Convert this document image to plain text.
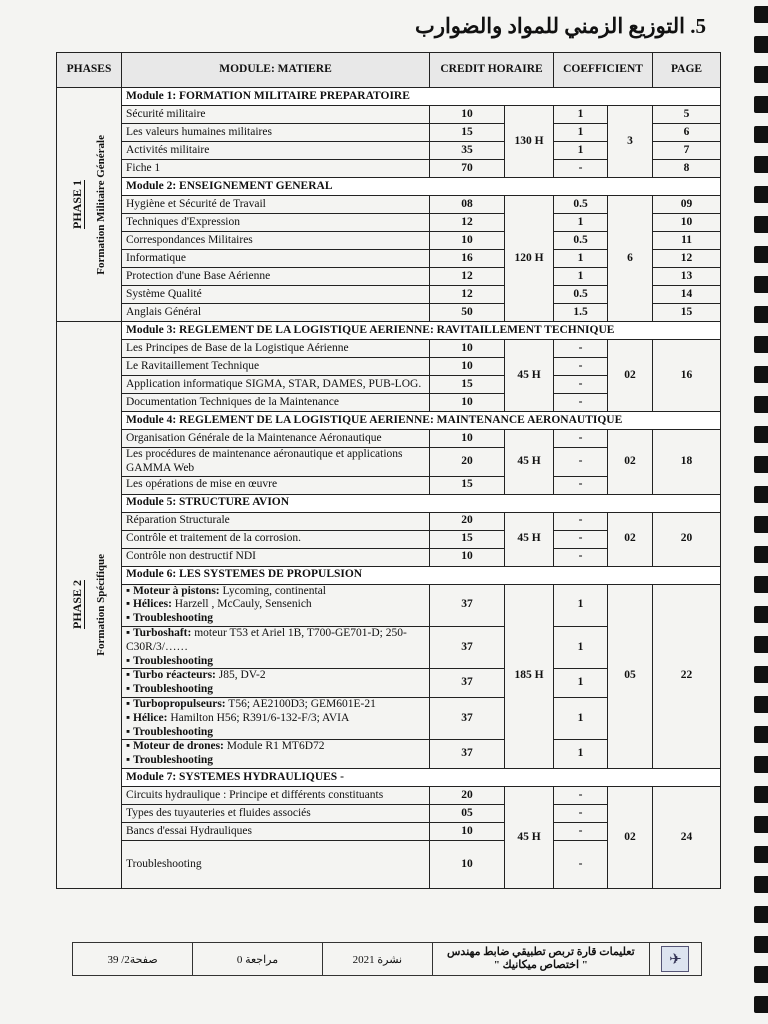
5. التوزيع الزمني للمواد والضوارب
PHASES	MODULE: MATIERE	CREDIT HORAIRE		COEFFICIENT		PAGE

PHASE 1 Formation Militaire Générale	Module 1: FORMATION MILITAIRE PREPARATOIRE					
	Sécurité militaire	10	130 H	1	3	5
	Les valeurs humaines militaires	15		1		6
	Activités militaire	35		1		7
	Fiche 1	70		-		8
	Module 2: ENSEIGNEMENT GENERAL					
	Hygiène et Sécurité de Travail	08	120 H	0.5	6	09
	Techniques d'Expression	12		1		10
	Correspondances Militaires	10		0.5		11
	Informatique	16		1		12
	Protection d'une Base Aérienne	12		1		13
	Système Qualité	12		0.5		14
	Anglais Général	50		1.5		15

PHASE 2 Formation Spécifique	Module 3: REGLEMENT DE LA LOGISTIQUE AERIENNE: RAVITAILLEMENT TECHNIQUE					
	Les Principes de Base de la Logistique Aérienne	10	45 H	-	02	16
	Le Ravitaillement Technique	10		-		
	Application informatique SIGMA, STAR, DAMES, PUB-LOG.	15		-		
	Documentation Techniques de la Maintenance	10		-		
	Module 4: REGLEMENT DE LA LOGISTIQUE AERIENNE: MAINTENANCE AERONAUTIQUE					
	Organisation Générale de la Maintenance Aéronautique	10	45 H	-	02	18
	Les procédures de maintenance aéronautique et applications GAMMA Web	20		-		
	Les opérations de mise en œuvre	15		-		
	Module 5: STRUCTURE AVION					
	Réparation Structurale	20	45 H	-	02	20
	Contrôle et traitement de la corrosion.	15		-		
	Contrôle non destructif NDI	10		-		
	Module 6: LES SYSTEMES DE PROPULSION					

	▪ Moteur à pistons: Lycoming, continental
▪ Hélices: Harzell , McCauly, Sensenich
▪ Troubleshooting	37	185 H	1	05	22

	▪ Turboshaft: moteur T53 et Ariel 1B, T700-GE701-D; 250-C30R/3/……
▪ Troubleshooting	37		1		

	▪ Turbo réacteurs: J85, DV-2
▪ Troubleshooting	37		1		

	▪ Turbopropulseurs: T56; AE2100D3; GEM601E-21
▪ Hélice: Hamilton H56; R391/6-132-F/3; AVIA
▪ Troubleshooting	37		1		

	▪ Moteur de drones: Module R1 MT6D72
▪ Troubleshooting	37		1		
	Module 7: SYSTEMES HYDRAULIQUES -					
	Circuits hydraulique : Principe et différents constituants	20	45 H	-	02	24
	Types des tuyauteries et fluides associés	05		-		
	Bancs d'essai Hydrauliques	10		-		
	Troubleshooting	10		-		
صفحة2/ 39	مراجعة 0	نشرة 2021	
تعليمات قارة تربص تطبيقي ضابط مهندس
" اختصاص ميكانيك "	✈
